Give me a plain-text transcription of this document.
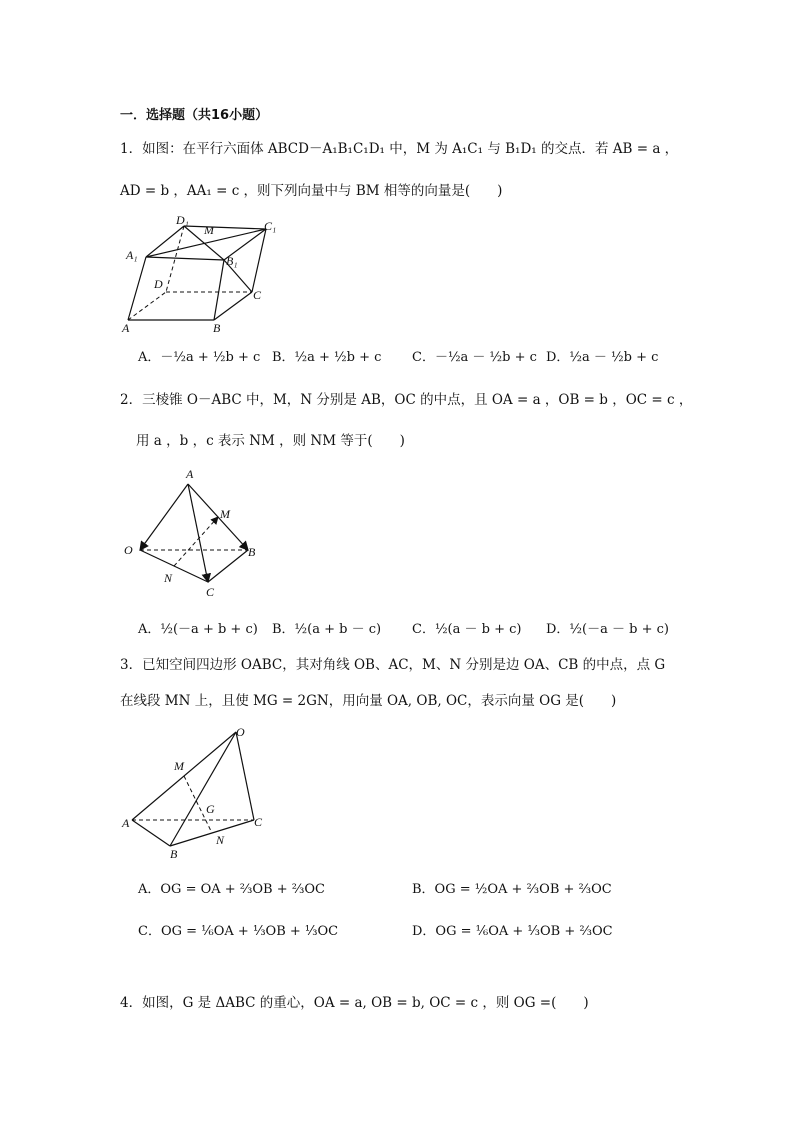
一．选择题（共16小题）
1．如图：在平行六面体 ABCD－A₁B₁C₁D₁ 中，M 为 A₁C₁ 与 B₁D₁ 的交点．若 AB = a ，
AD = b ，AA₁ = c ，则下列向量中与 BM 相等的向量是(　　)
D₁
M	C₁
A₁	B₁
D
C
A	B
A．－½a + ½b + c B．½a + ½b + c C．－½a － ½b + c D．½a － ½b + c
2．三棱锥 O－ABC 中，M，N 分别是 AB，OC 的中点，且 OA = a ，OB = b ，OC = c ，
用 a ，b ，c 表示 NM ，则 NM 等于(　　)
A
M
O	B
N
C
A．½(－a + b + c) B．½(a + b － c) C．½(a － b + c) D．½(－a － b + c)
3．已知空间四边形 OABC，其对角线 OB、AC，M、N 分别是边 OA、CB 的中点，点 G
在线段 MN 上，且使 MG = 2GN，用向量 OA, OB, OC，表示向量 OG 是(　　)
O
M
G
A	C
N
B
A．OG = OA + ⅔OB + ⅔OC	B．OG = ½OA + ⅔OB + ⅔OC
C．OG = ⅙OA + ⅓OB + ⅓OC	D．OG = ⅙OA + ⅓OB + ⅔OC
4．如图，G 是 ΔABC 的重心，OA = a, OB = b, OC = c ，则 OG =(　　)
